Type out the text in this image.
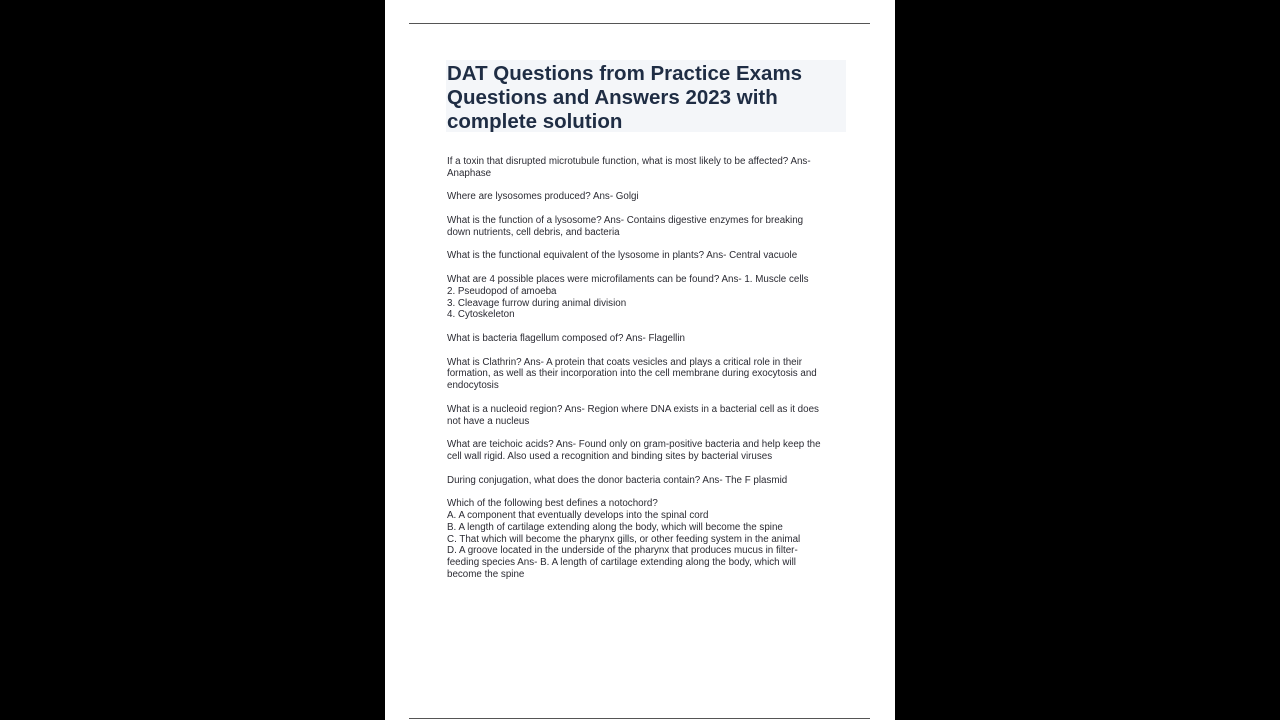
DAT Questions from Practice Exams
Questions and Answers 2023 with
complete solution

If a toxin that disrupted microtubule function, what is most likely to be affected? Ans-
Anaphase

Where are lysosomes produced? Ans- Golgi

What is the function of a lysosome? Ans- Contains digestive enzymes for breaking
down nutrients, cell debris, and bacteria

What is the functional equivalent of the lysosome in plants? Ans- Central vacuole

What are 4 possible places were microfilaments can be found? Ans- 1. Muscle cells
2. Pseudopod of amoeba
3. Cleavage furrow during animal division
4. Cytoskeleton

What is bacteria flagellum composed of? Ans- Flagellin

What is Clathrin? Ans- A protein that coats vesicles and plays a critical role in their
formation, as well as their incorporation into the cell membrane during exocytosis and
endocytosis

What is a nucleoid region? Ans- Region where DNA exists in a bacterial cell as it does
not have a nucleus

What are teichoic acids? Ans- Found only on gram-positive bacteria and help keep the
cell wall rigid. Also used a recognition and binding sites by bacterial viruses

During conjugation, what does the donor bacteria contain? Ans- The F plasmid

Which of the following best defines a notochord?
A. A component that eventually develops into the spinal cord
B. A length of cartilage extending along the body, which will become the spine
C. That which will become the pharynx gills, or other feeding system in the animal
D. A groove located in the underside of the pharynx that produces mucus in filter-
feeding species Ans- B. A length of cartilage extending along the body, which will
become the spine
